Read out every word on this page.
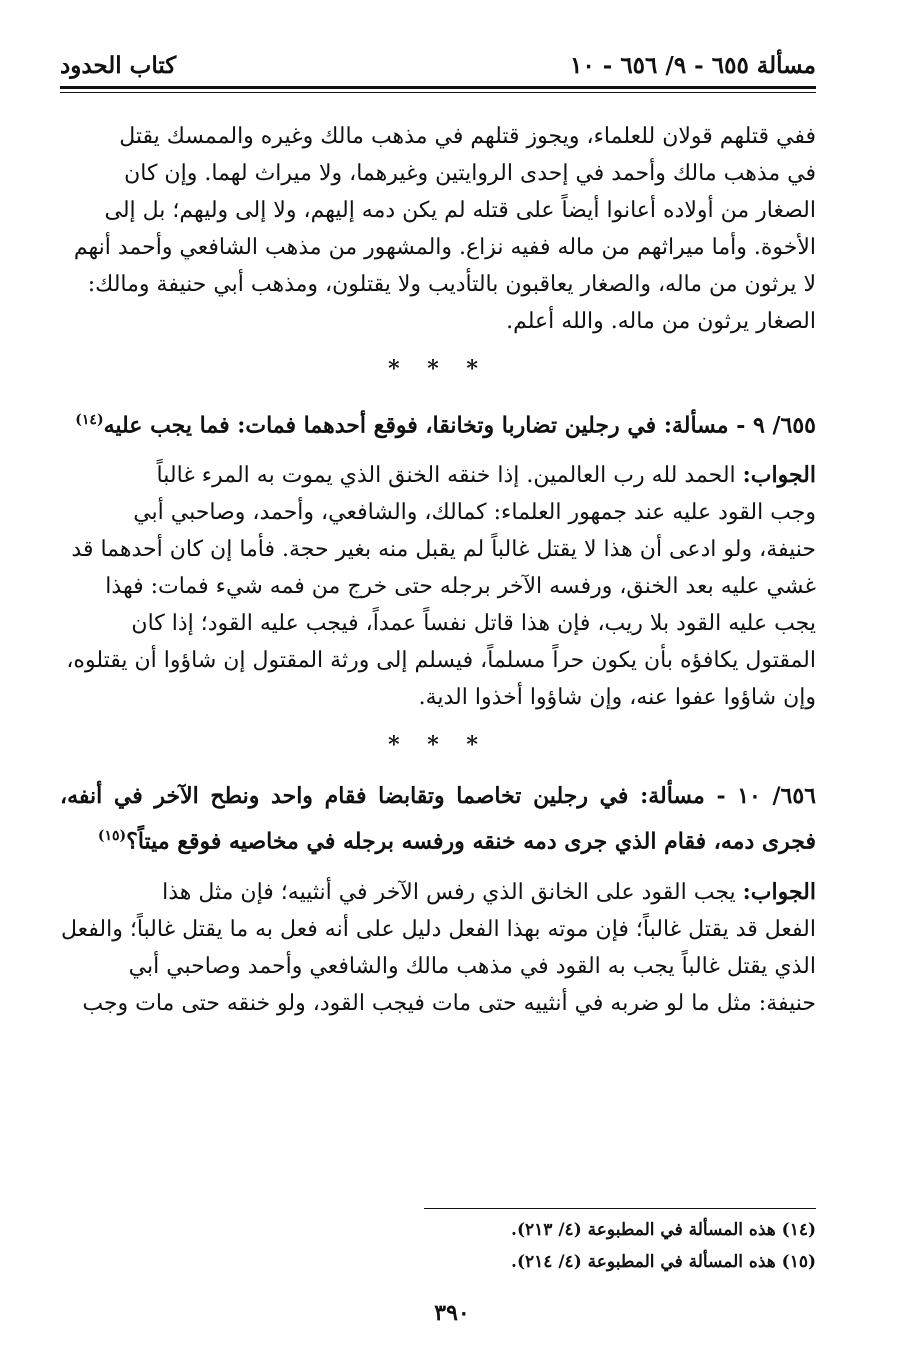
مسألة ٦٥٥ - ٩/ ٦٥٦ - ١٠
كتاب الحدود

ففي قتلهم قولان للعلماء، ويجوز قتلهم في مذهب مالك وغيره والممسك يقتل

في مذهب مالك وأحمد في إحدى الروايتين وغيرهما، ولا ميراث لهما. وإن كان

الصغار من أولاده أعانوا أيضاً على قتله لم يكن دمه إليهم، ولا إلى وليهم؛ بل إلى

الأخوة. وأما ميراثهم من ماله ففيه نزاع. والمشهور من مذهب الشافعي وأحمد أنهم

لا يرثون من ماله، والصغار يعاقبون بالتأديب ولا يقتلون، ومذهب أبي حنيفة ومالك:

الصغار يرثون من ماله. والله أعلم.

* * *
٦٥٥/ ٩ - مسألة: في رجلين تضاربا وتخانقا، فوقع أحدهما فمات: فما يجب عليه$^{(١٤)}$

الجواب: الحمد لله رب العالمين. إذا خنقه الخنق الذي يموت به المرء غالباً

وجب القود عليه عند جمهور العلماء: كمالك، والشافعي، وأحمد، وصاحبي أبي

حنيفة، ولو ادعى أن هذا لا يقتل غالباً لم يقبل منه بغير حجة. فأما إن كان أحدهما قد

غشي عليه بعد الخنق، ورفسه الآخر برجله حتى خرج من فمه شيء فمات: فهذا

يجب عليه القود بلا ريب، فإن هذا قاتل نفساً عمداً، فيجب عليه القود؛ إذا كان

المقتول يكافؤه بأن يكون حراً مسلماً، فيسلم إلى ورثة المقتول إن شاؤوا أن يقتلوه،

وإن شاؤوا عفوا عنه، وإن شاؤوا أخذوا الدية.

* * *
٦٥٦/ ١٠ - مسألة: في رجلين تخاصما وتقابضا فقام واحد ونطح الآخر في أنفه، فجرى دمه، فقام الذي جرى دمه خنقه ورفسه برجله في مخاصيه فوقع ميتاً؟$^{(١٥)}$

الجواب: يجب القود على الخانق الذي رفس الآخر في أنثييه؛ فإن مثل هذا

الفعل قد يقتل غالباً؛ فإن موته بهذا الفعل دليل على أنه فعل به ما يقتل غالباً؛ والفعل

الذي يقتل غالباً يجب به القود في مذهب مالك والشافعي وأحمد وصاحبي أبي

حنيفة: مثل ما لو ضربه في أنثييه حتى مات فيجب القود، ولو خنقه حتى مات وجب

(١٤) هذه المسألة في المطبوعة (٤/ ٢١٣).
(١٥) هذه المسألة في المطبوعة (٤/ ٢١٤).
٣٩٠
